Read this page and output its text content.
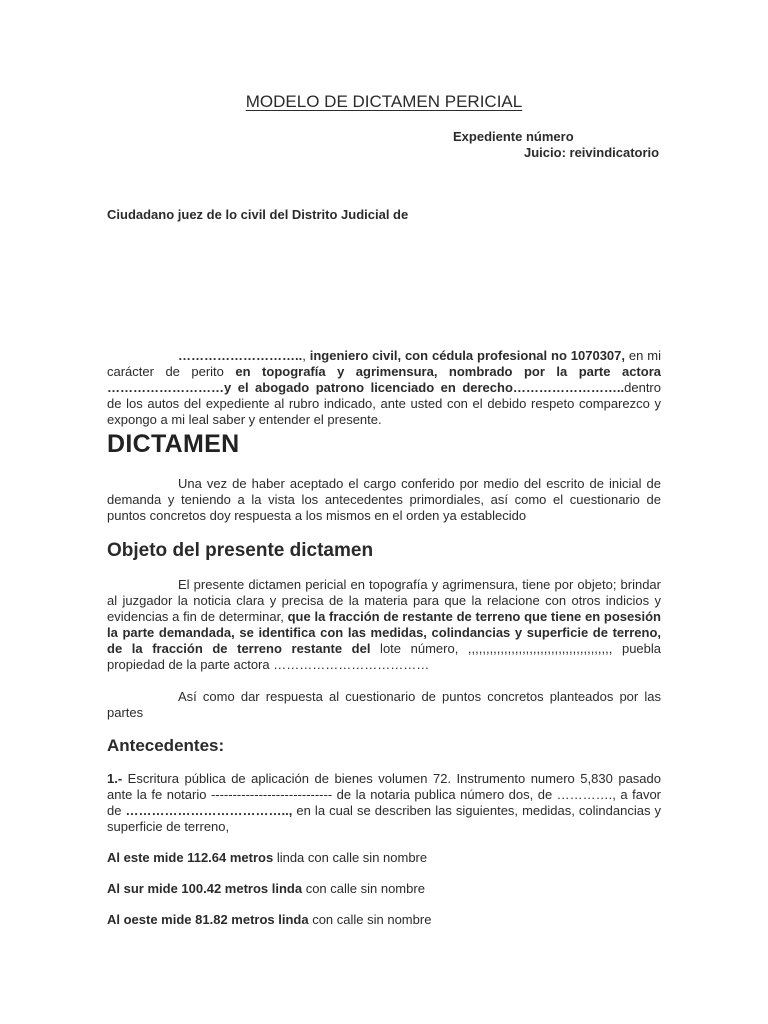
MODELO DE DICTAMEN PERICIAL

Expediente número

Juicio: reivindicatorio

Ciudadano juez de lo civil del Distrito Judicial de

……………………….., ingeniero civil, con cédula profesional no 1070307, en mi carácter de perito en topografía y agrimensura, nombrado por la parte actora ………………………y el abogado patrono licenciado en derecho……………………..dentro de los autos del expediente al rubro indicado, ante usted con el debido respeto comparezco y expongo a mi leal saber y entender el presente.

DICTAMEN

Una vez de haber aceptado el cargo conferido por medio del escrito de inicial de demanda y teniendo a la vista los antecedentes primordiales, así como el cuestionario de puntos concretos doy respuesta a los mismos en el orden ya establecido

Objeto del presente dictamen

El presente dictamen pericial en topografía y agrimensura, tiene por objeto; brindar al juzgador la noticia clara y precisa de la materia para que la relacione con otros indicios y evidencias a fin de determinar, que la fracción de restante de terreno que tiene en posesión la parte demandada, se identifica con las medidas, colindancias y superficie de terreno, de la fracción de terreno restante del lote número, ,,,,,,,,,,,,,,,,,,,,,,,,,,,,,,,,,,,,,,,, puebla propiedad de la parte actora ………………………………

Así como dar respuesta al cuestionario de puntos concretos planteados por las partes

Antecedentes:

1.- Escritura pública de aplicación de bienes volumen 72. Instrumento numero 5,830 pasado ante la fe notario ---------------------------- de la notaria publica número dos, de …………., a favor de ……………………………….., en la cual se describen las siguientes, medidas, colindancias y superficie de terreno,

Al este mide 112.64 metros linda con calle sin nombre

Al sur mide 100.42 metros linda con calle sin nombre

Al oeste mide 81.82 metros linda con calle sin nombre
